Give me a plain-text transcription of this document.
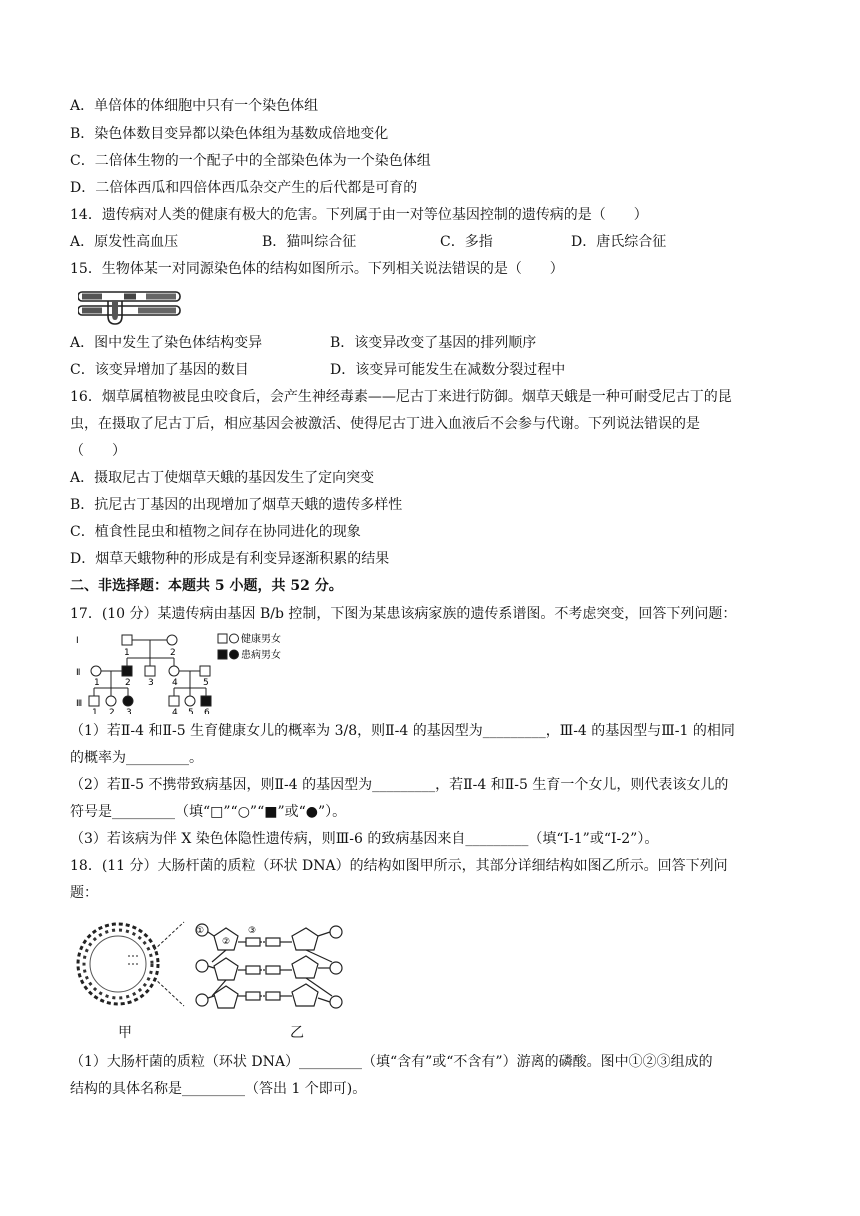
A．单倍体的体细胞中只有一个染色体组
B．染色体数目变异都以染色体组为基数成倍地变化
C．二倍体生物的一个配子中的全部染色体为一个染色体组
D．二倍体西瓜和四倍体西瓜杂交产生的后代都是可育的
14．遗传病对人类的健康有极大的危害。下列属于由一对等位基因控制的遗传病的是（　　）
A．原发性高血压	B．猫叫综合征	C．多指	D．唐氏综合征
15．生物体某一对同源染色体的结构如图所示。下列相关说法错误的是（　　）
A．图中发生了染色体结构变异	B．该变异改变了基因的排列顺序
C．该变异增加了基因的数目	D．该变异可能发生在减数分裂过程中
16．烟草属植物被昆虫咬食后，会产生神经毒素——尼古丁来进行防御。烟草天蛾是一种可耐受尼古丁的昆
虫，在摄取了尼古丁后，相应基因会被激活、使得尼古丁进入血液后不会参与代谢。下列说法错误的是
（　　）
A．摄取尼古丁使烟草天蛾的基因发生了定向突变
B．抗尼古丁基因的出现增加了烟草天蛾的遗传多样性
C．植食性昆虫和植物之间存在协同进化的现象
D．烟草天蛾物种的形成是有利变异逐渐积累的结果
二、非选择题：本题共 5 小题，共 52 分。
17．(10 分）某遗传病由基因 B/b 控制，下图为某患该病家族的遗传系谱图。不考虑突变，回答下列问题：
Ⅰ
Ⅱ
Ⅲ
1	2
1	2 3 4	5
1 2 3	4 5 6
健康男女
患病男女
（1）若Ⅱ-4 和Ⅱ-5 生育健康女儿的概率为 3/8，则Ⅱ-4 的基因型为_________，Ⅲ-4 的基因型与Ⅲ-1 的相同
的概率为_________。
（2）若Ⅱ-5 不携带致病基因，则Ⅱ-4 的基因型为_________，若Ⅱ-4 和Ⅱ-5 生育一个女儿，则代表该女儿的
符号是_________（填“□”“○”“■”或“●”）。
（3）若该病为伴 X 染色体隐性遗传病，则Ⅲ-6 的致病基因来自_________（填“Ⅰ-1”或“Ⅰ-2”）。
18．(11 分）大肠杆菌的质粒（环状 DNA）的结构如图甲所示，其部分详细结构如图乙所示。回答下列问
题：
①
②
③
甲	乙
（1）大肠杆菌的质粒（环状 DNA）_________（填“含有”或“不含有”）游离的磷酸。图中①②③组成的
结构的具体名称是_________（答出 1 个即可)。
